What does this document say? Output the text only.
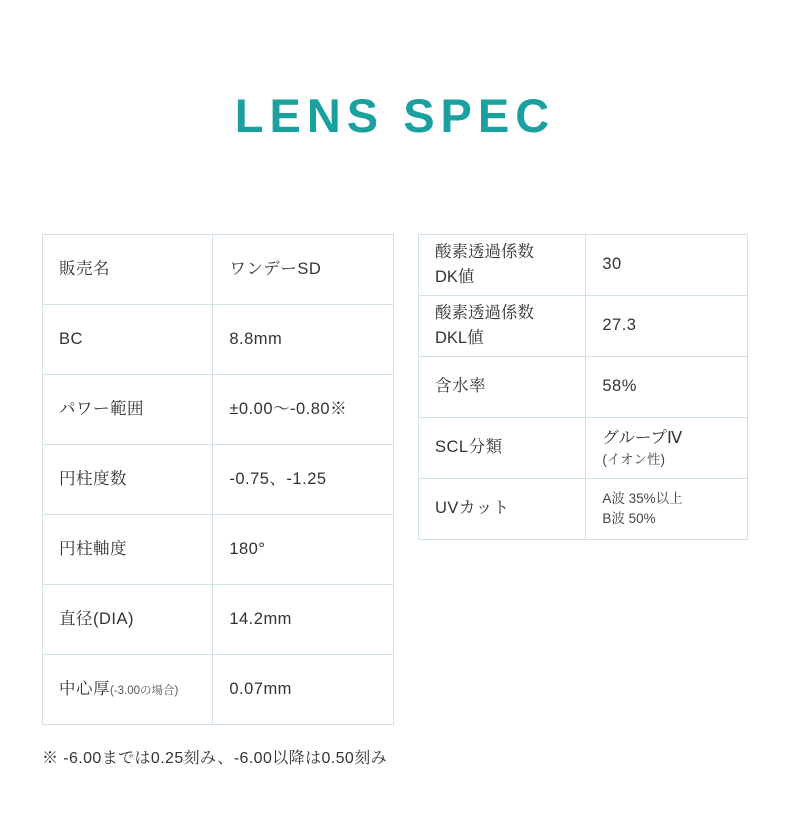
LENS SPEC
販売名	ワンデーSD
BC	8.8mm
パワー範囲	±0.00～-0.80※
円柱度数	-0.75、-1.25
円柱軸度	180°
直径(DIA)	14.2mm
中心厚(-3.00の場合)	0.07mm
酸素透過係数
DK値	30

酸素透過係数
DKL値	27.3
含水率	58%
SCL分類	グループⅣ
(イオン性)

UVカット	A波 35%以上
B波 50%
※ -6.00までは0.25刻み、-6.00以降は0.50刻み
